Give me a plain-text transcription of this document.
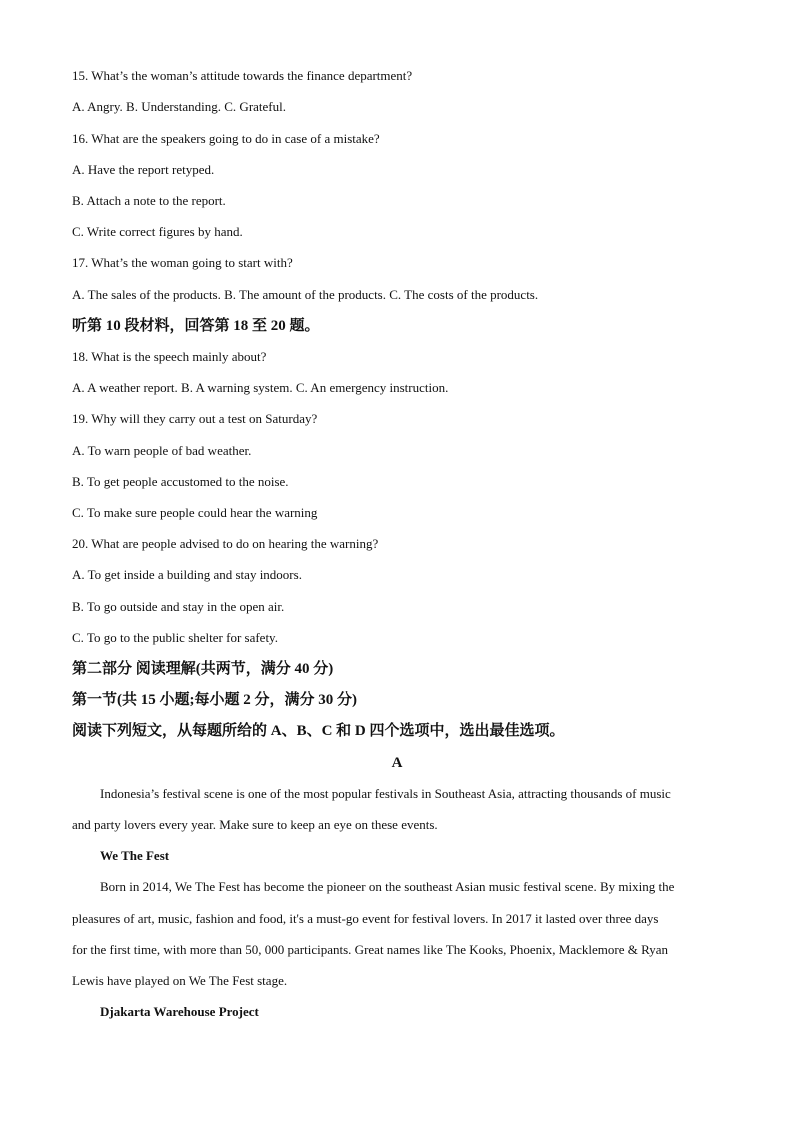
15. What’s the woman’s attitude towards the finance department?
A. Angry. B. Understanding. C. Grateful.
16. What are the speakers going to do in case of a mistake?
A. Have the report retyped.
B. Attach a note to the report.
C. Write correct figures by hand.
17. What’s the woman going to start with?
A. The sales of the products. B. The amount of the products. C. The costs of the products.
听第 10 段材料，回答第 18 至 20 题。
18. What is the speech mainly about?
A. A weather report. B. A warning system. C. An emergency instruction.
19. Why will they carry out a test on Saturday?
A. To warn people of bad weather.
B. To get people accustomed to the noise.
C. To make sure people could hear the warning
20. What are people advised to do on hearing the warning?
A. To get inside a building and stay indoors.
B. To go outside and stay in the open air.
C. To go to the public shelter for safety.
第二部分 阅读理解(共两节，满分 40 分)
第一节(共 15 小题;每小题 2 分，满分 30 分)
阅读下列短文，从每题所给的 A、B、C 和 D 四个选项中，选出最佳选项。
A
Indonesia’s festival scene is one of the most popular festivals in Southeast Asia, attracting thousands of music
and party lovers every year. Make sure to keep an eye on these events.
We The Fest
Born in 2014, We The Fest has become the pioneer on the southeast Asian music festival scene. By mixing the
pleasures of art, music, fashion and food, it's a must-go event for festival lovers. In 2017 it lasted over three days
for the first time, with more than 50, 000 participants. Great names like The Kooks, Phoenix, Macklemore & Ryan
Lewis have played on We The Fest stage.
Djakarta Warehouse Project
